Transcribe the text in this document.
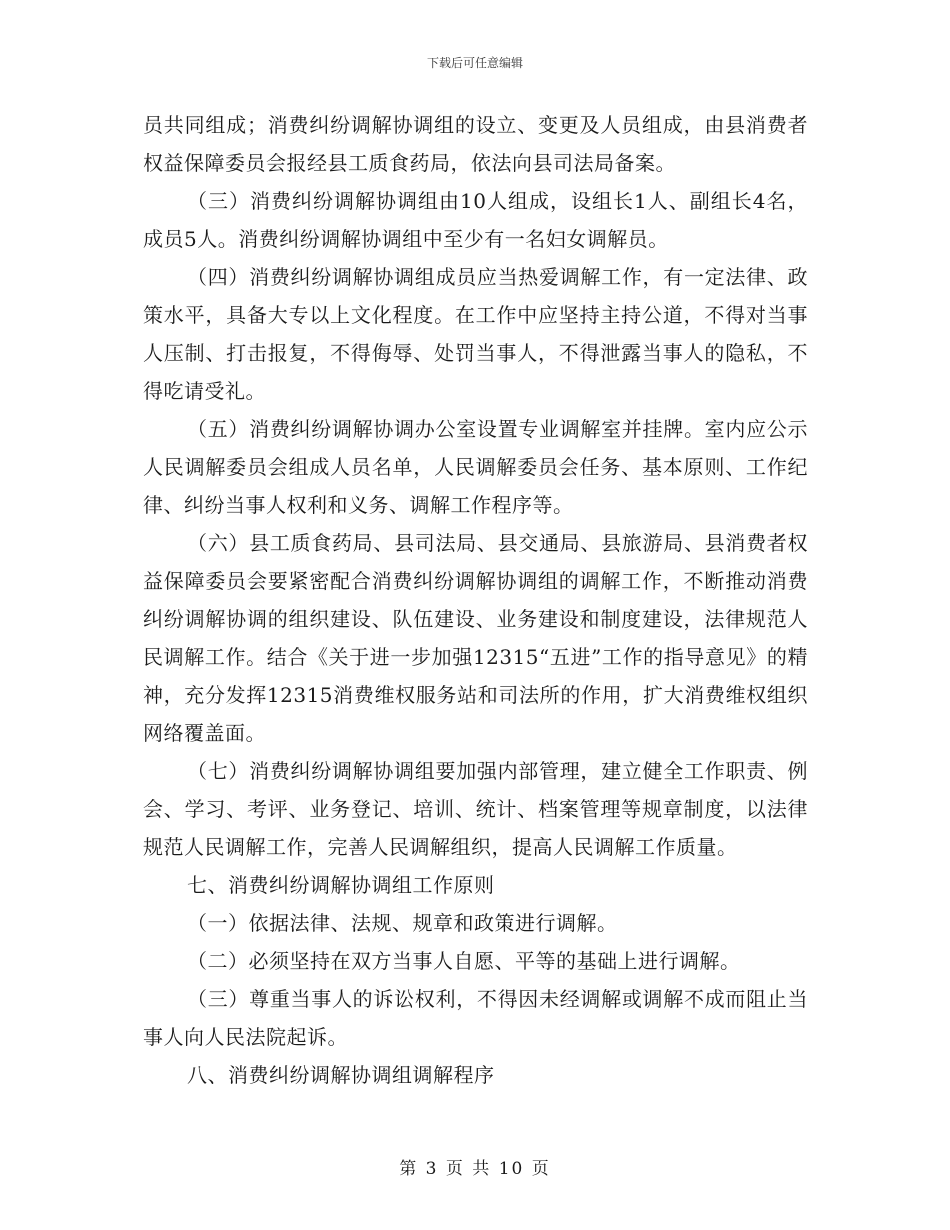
下载后可任意编辑

员共同组成；消费纠纷调解协调组的设立、变更及人员组成，由县消费者权益保障委员会报经县工质食药局，依法向县司法局备案。

（三）消费纠纷调解协调组由10人组成，设组长1人、副组长4名，成员5人。消费纠纷调解协调组中至少有一名妇女调解员。

（四）消费纠纷调解协调组成员应当热爱调解工作，有一定法律、政策水平，具备大专以上文化程度。在工作中应坚持主持公道，不得对当事人压制、打击报复，不得侮辱、处罚当事人，不得泄露当事人的隐私，不得吃请受礼。

（五）消费纠纷调解协调办公室设置专业调解室并挂牌。室内应公示人民调解委员会组成人员名单，人民调解委员会任务、基本原则、工作纪律、纠纷当事人权利和义务、调解工作程序等。

（六）县工质食药局、县司法局、县交通局、县旅游局、县消费者权益保障委员会要紧密配合消费纠纷调解协调组的调解工作，不断推动消费纠纷调解协调的组织建设、队伍建设、业务建设和制度建设，法律规范人民调解工作。结合《关于进一步加强12315“五进”工作的指导意见》的精神，充分发挥12315消费维权服务站和司法所的作用，扩大消费维权组织网络覆盖面。

（七）消费纠纷调解协调组要加强内部管理，建立健全工作职责、例会、学习、考评、业务登记、培训、统计、档案管理等规章制度，以法律规范人民调解工作，完善人民调解组织，提高人民调解工作质量。

七、消费纠纷调解协调组工作原则

（一）依据法律、法规、规章和政策进行调解。

（二）必须坚持在双方当事人自愿、平等的基础上进行调解。

（三）尊重当事人的诉讼权利，不得因未经调解或调解不成而阻止当事人向人民法院起诉。

八、消费纠纷调解协调组调解程序

第 3 页 共 10 页
